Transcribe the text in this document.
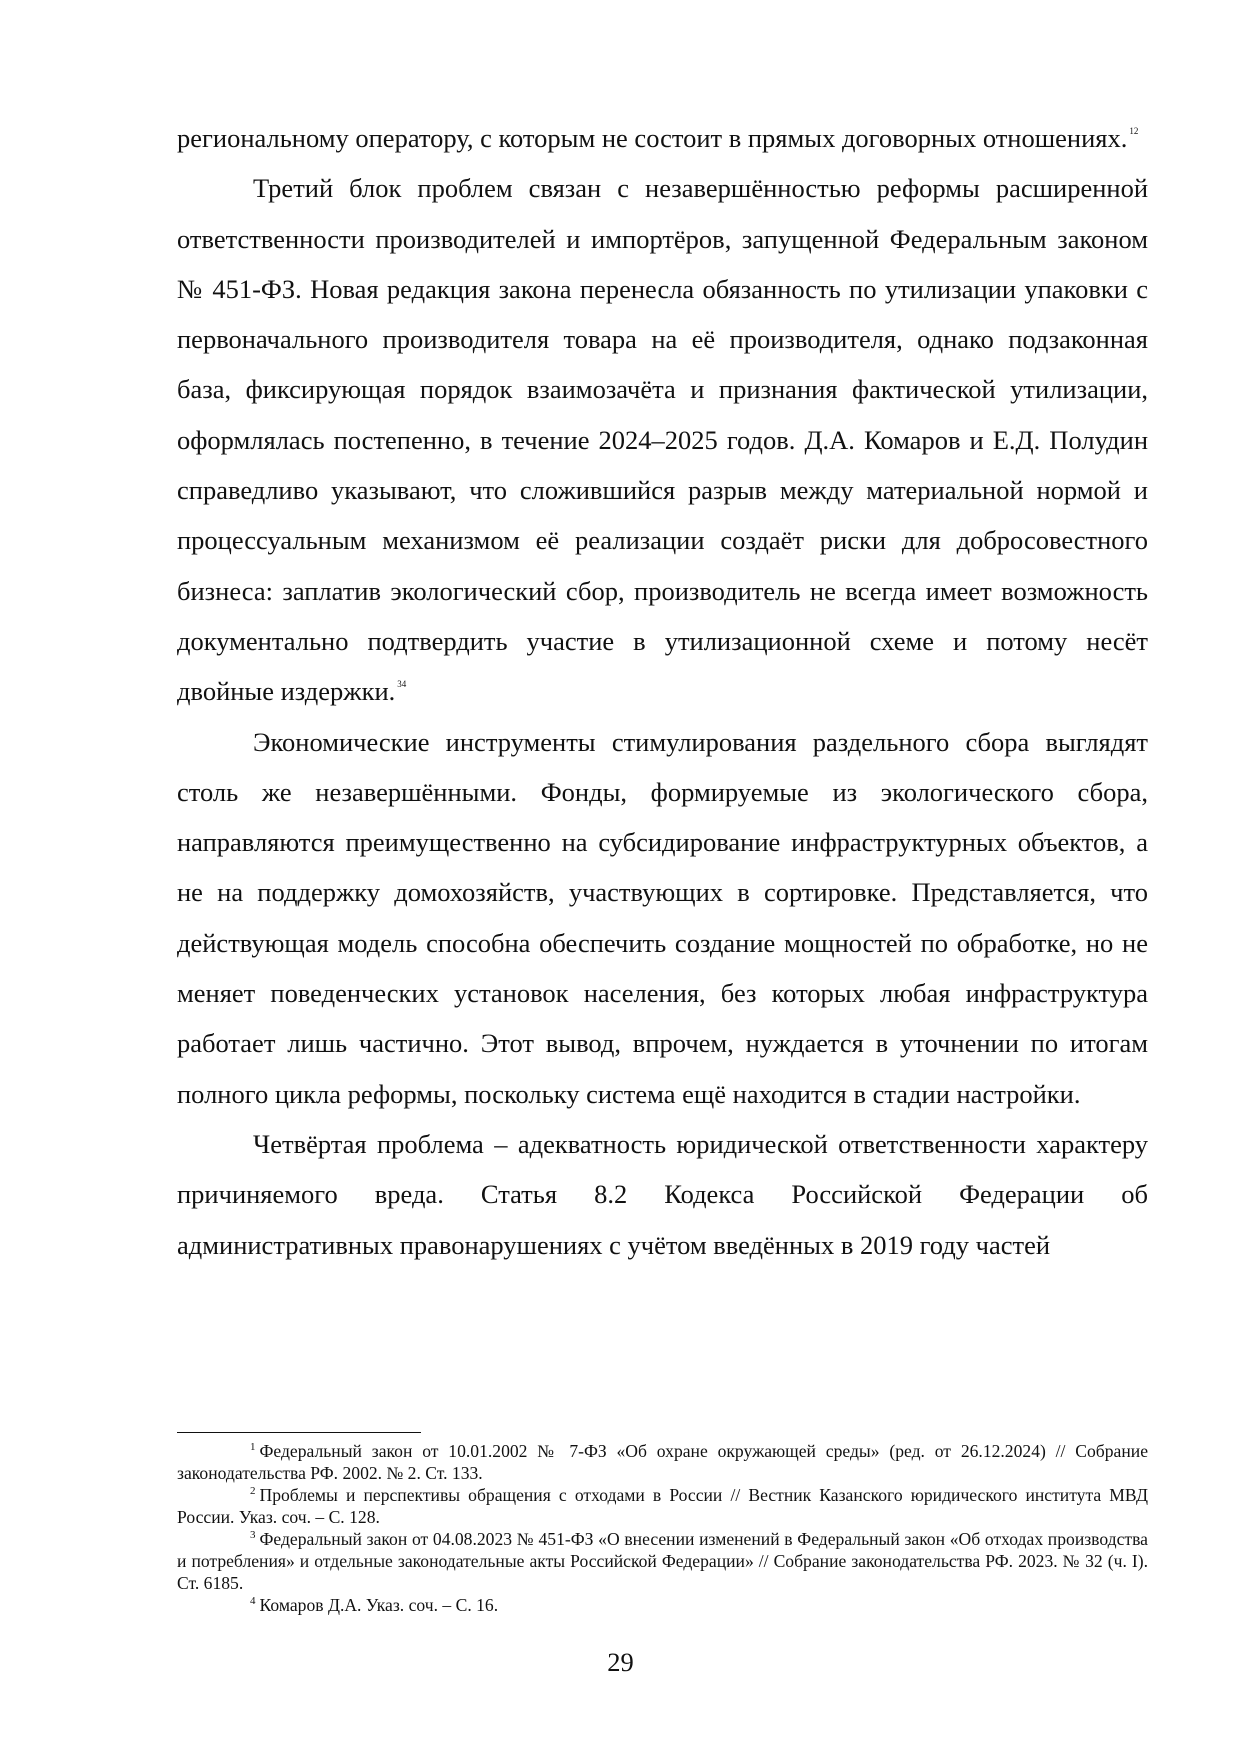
региональному оператору, с которым не состоит в прямых договорных отношениях. $^{12}$

Третий блок проблем связан с незавершённостью реформы расширенной ответственности производителей и импортёров, запущенной Федеральным законом № 451-ФЗ. Новая редакция закона перенесла обязанность по утилизации упаковки с первоначального производителя товара на её производителя, однако подзаконная база, фиксирующая порядок взаимозачёта и признания фактической утилизации, оформлялась постепенно, в течение 2024–2025 годов. Д.А. Комаров и Е.Д. Полудин справедливо указывают, что сложившийся разрыв между материальной нормой и процессуальным механизмом её реализации создаёт риски для добросовестного бизнеса: заплатив экологический сбор, производитель не всегда имеет возможность документально подтвердить участие в утилизационной схеме и потому несёт двойные издержки. $^{34}$

Экономические инструменты стимулирования раздельного сбора выглядят столь же незавершёнными. Фонды, формируемые из экологического сбора, направляются преимущественно на субсидирование инфраструктурных объектов, а не на поддержку домохозяйств, участвующих в сортировке. Представляется, что действующая модель способна обеспечить создание мощностей по обработке, но не меняет поведенческих установок населения, без которых любая инфраструктура работает лишь частично. Этот вывод, впрочем, нуждается в уточнении по итогам полного цикла реформы, поскольку система ещё находится в стадии настройки.

Четвёртая проблема – адекватность юридической ответственности характеру причиняемого вреда. Статья 8.2 Кодекса Российской Федерации об административных правонарушениях с учётом введённых в 2019 году частей

$^1$ Федеральный закон от 10.01.2002 № 7-ФЗ «Об охране окружающей среды» (ред. от 26.12.2024) // Собрание законодательства РФ. 2002. № 2. Ст. 133.

$^2$ Проблемы и перспективы обращения с отходами в России // Вестник Казанского юридического института МВД России. Указ. соч. – С. 128.

$^3$ Федеральный закон от 04.08.2023 № 451-ФЗ «О внесении изменений в Федеральный закон «Об отходах производства и потребления» и отдельные законодательные акты Российской Федерации» // Собрание законодательства РФ. 2023. № 32 (ч. I). Ст. 6185.

$^4$ Комаров Д.А. Указ. соч. – С. 16.

29
